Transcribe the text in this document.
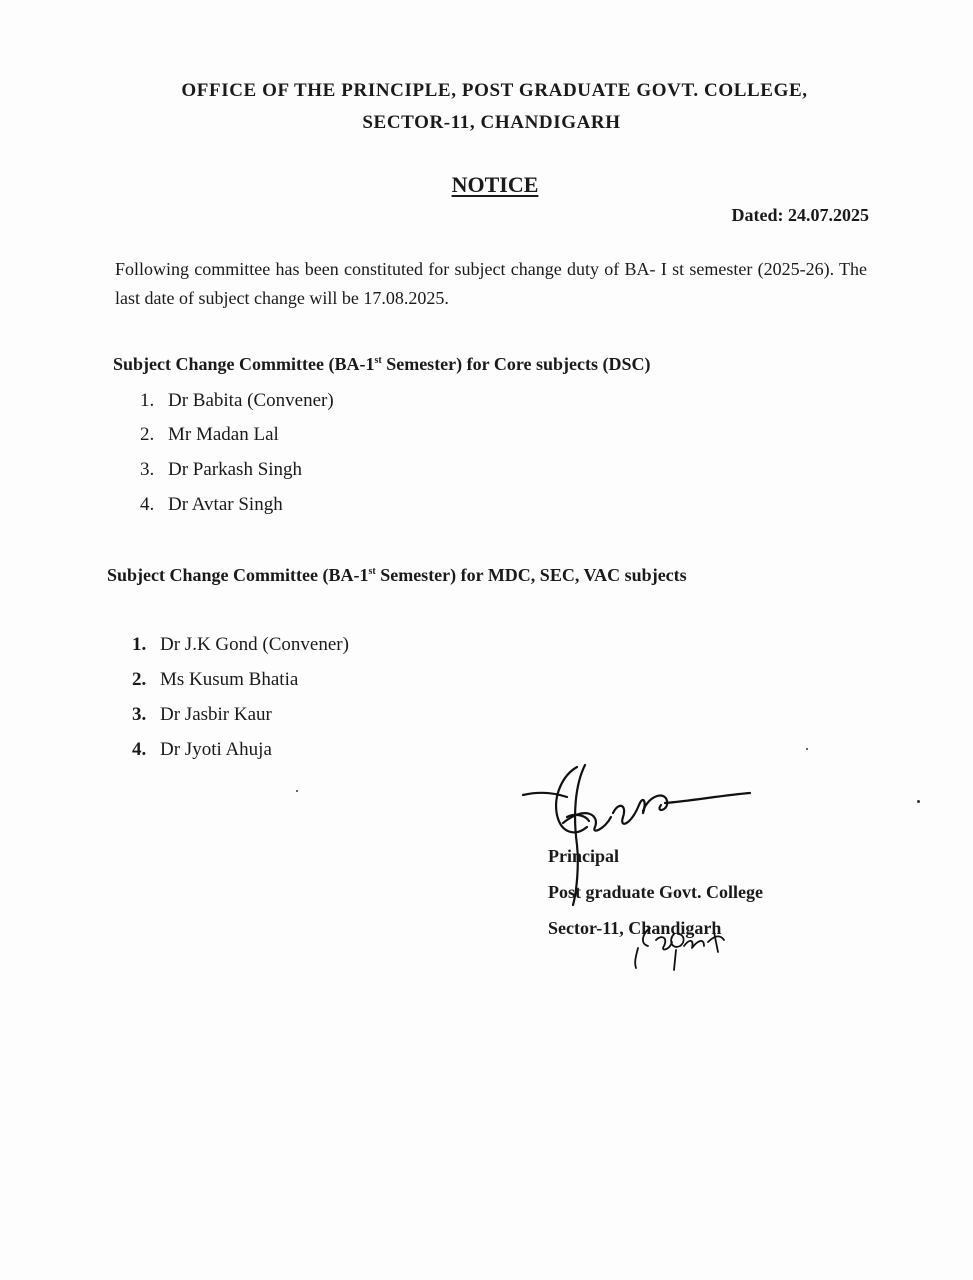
OFFICE OF THE PRINCIPLE, POST GRADUATE GOVT. COLLEGE,
SECTOR-11, CHANDIGARH
NOTICE
Dated: 24.07.2025
Following committee has been constituted for subject change duty of BA- I st semester (2025-26). The last date of subject change will be 17.08.2025.
Subject Change Committee (BA-1st Semester) for Core subjects (DSC)
1. Dr Babita (Convener)
2. Mr Madan Lal
3. Dr Parkash Singh
4. Dr Avtar Singh
Subject Change Committee (BA-1st Semester) for MDC, SEC, VAC subjects
1. Dr J.K Gond (Convener)
2. Ms Kusum Bhatia
3. Dr Jasbir Kaur
4. Dr Jyoti Ahuja
Principal
Post graduate Govt. College
Sector-11, Chandigarh
